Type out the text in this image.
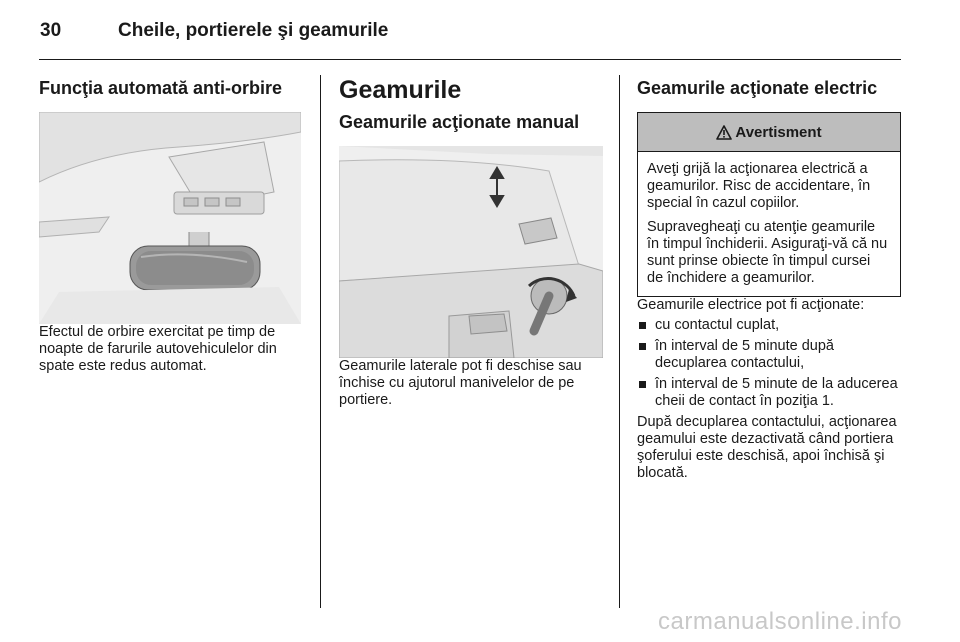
30	Cheile, portierele şi geamurile
Funcţia automată anti-orbire

Efectul de orbire exercitat pe timp de noapte de farurile autovehiculelor din spate este redus automat.

Geamurile
Geamurile acţionate manual

Geamurile laterale pot fi deschise sau închise cu ajutorul manivelelor de pe portiere.

Geamurile acţionate electric
Avertisment

Aveţi grijă la acţionarea electrică a geamurilor. Risc de accidentare, în special în cazul copiilor.

Supravegheaţi cu atenţie geamurile în timpul închiderii. Asiguraţi-vă că nu sunt prinse obiecte în timpul cursei de închidere a geamurilor.

Geamurile electrice pot fi acţionate:

cu contactul cuplat,
în interval de 5 minute după decuplarea contactului,
în interval de 5 minute de la aducerea cheii de contact în poziţia 1.

După decuplarea contactului, acţionarea geamului este dezactivată când portiera şoferului este deschisă, apoi închisă şi blocată.

carmanualsonline.info
